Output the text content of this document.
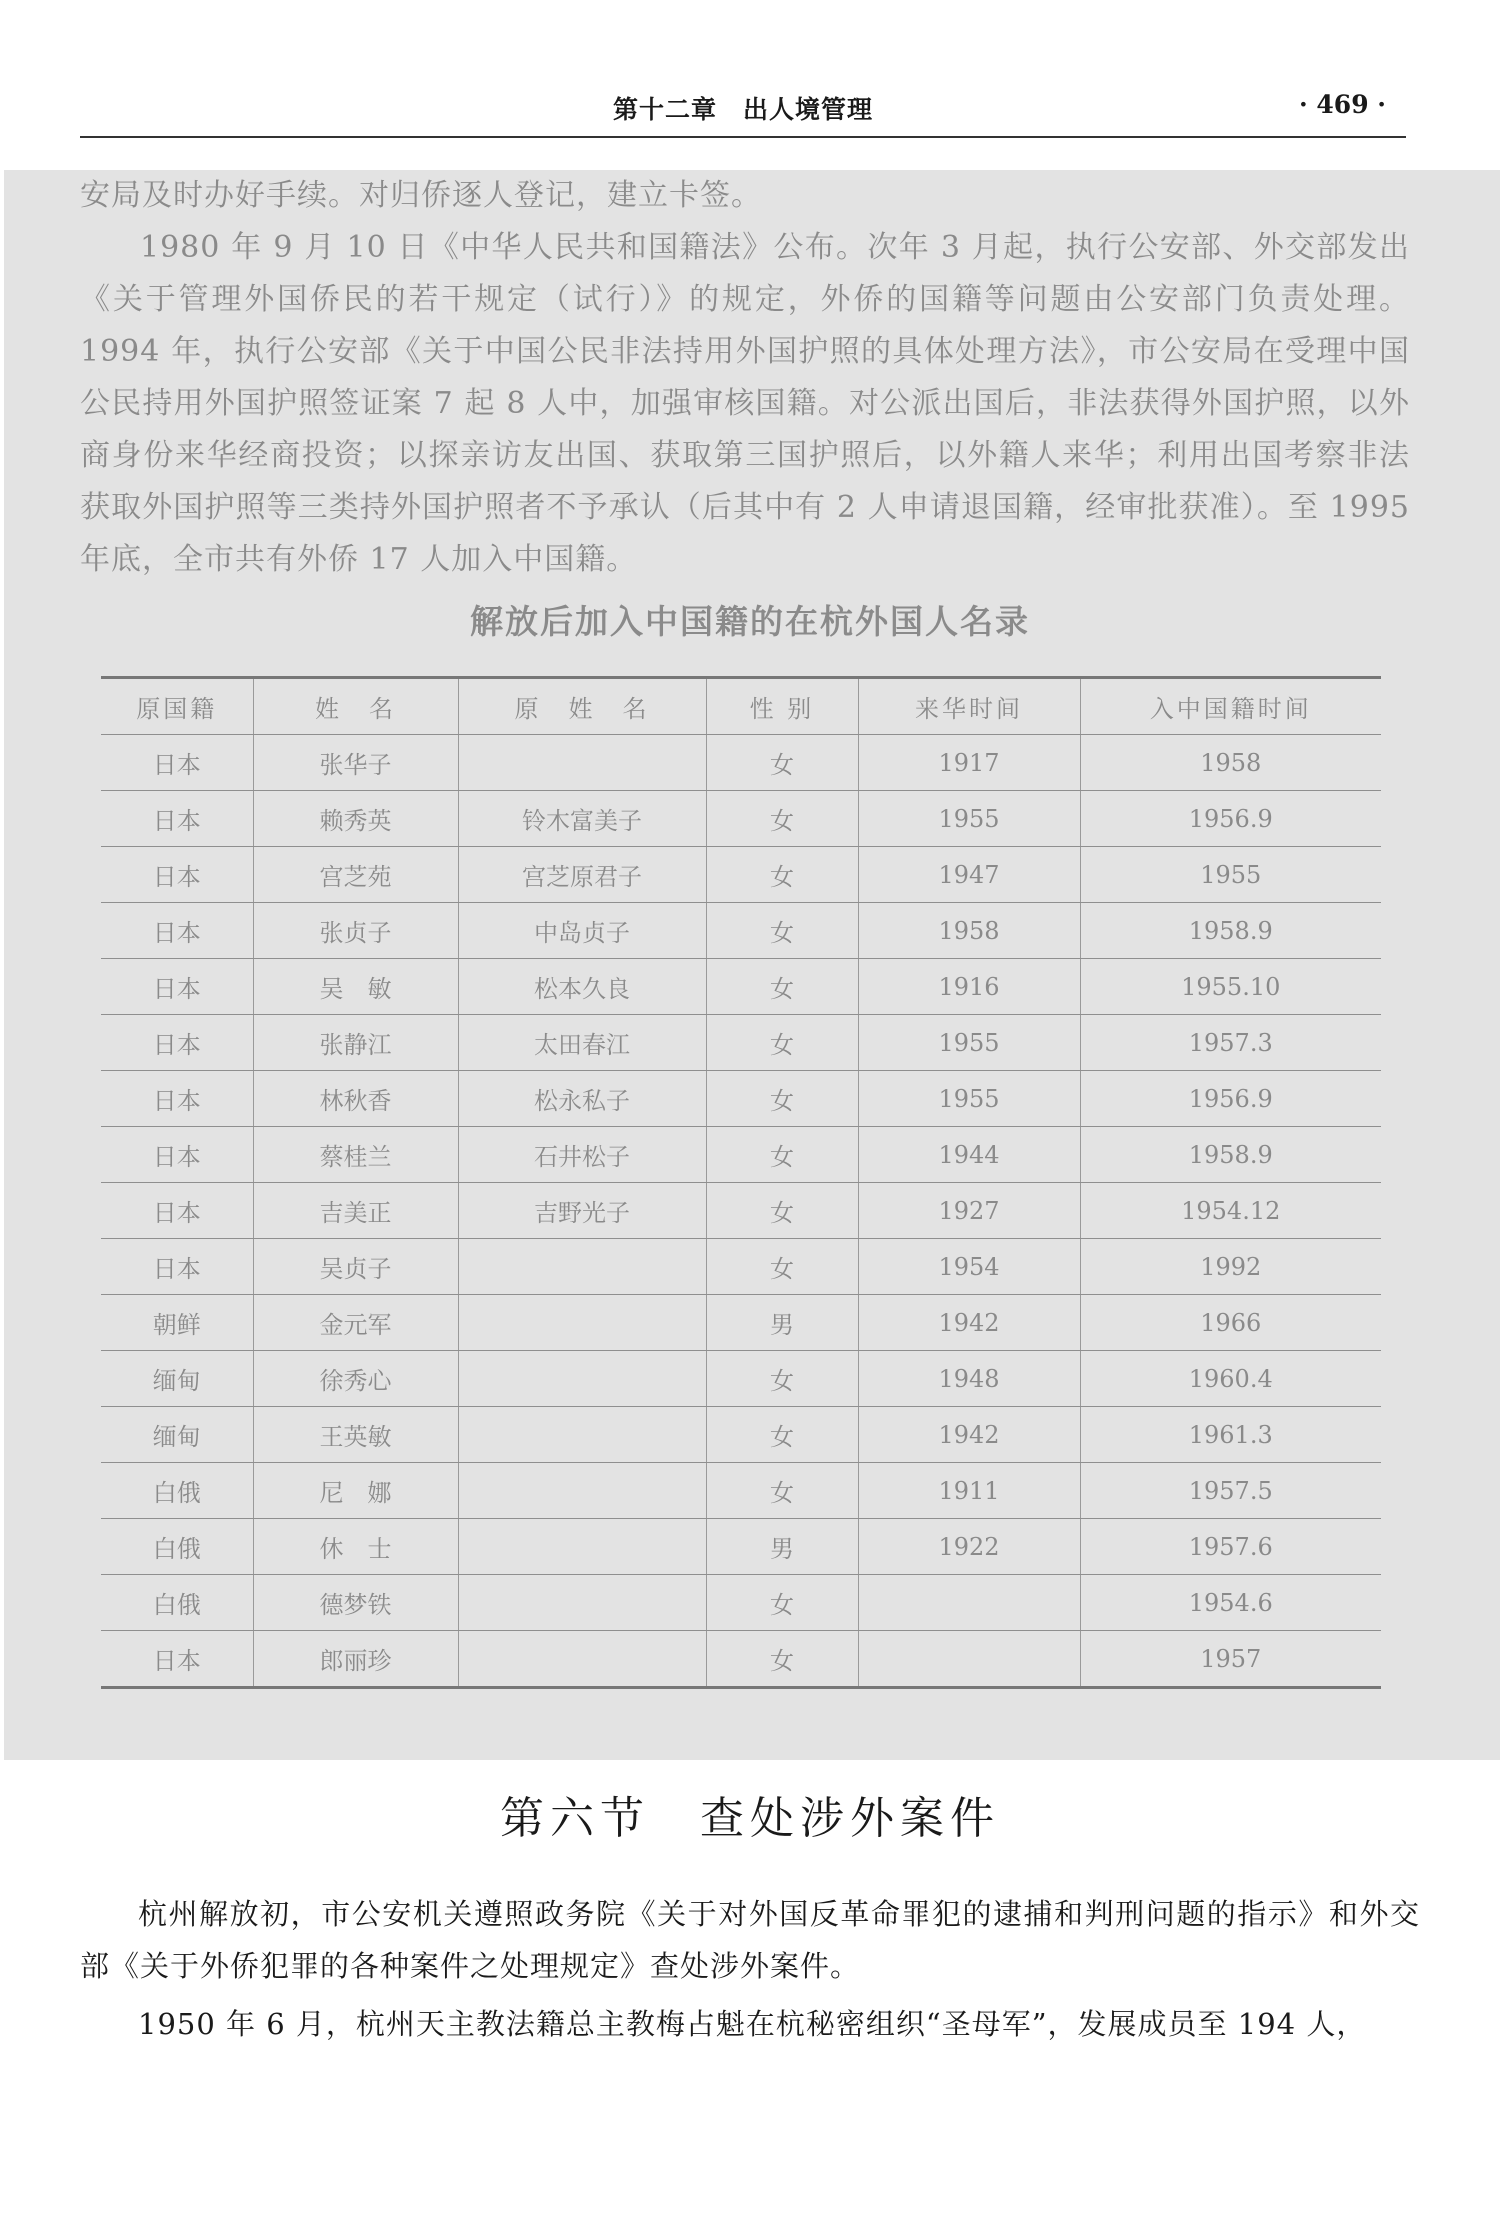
第十二章　出人境管理	· 469 ·

安局及时办好手续。对归侨逐人登记，建立卡签。

1980 年 9 月 10 日《中华人民共和国籍法》公布。次年 3 月起，执行公安部、外交部发出《关于管理外国侨民的若干规定（试行）》的规定，外侨的国籍等问题由公安部门负责处理。1994 年，执行公安部《关于中国公民非法持用外国护照的具体处理方法》，市公安局在受理中国公民持用外国护照签证案 7 起 8 人中，加强审核国籍。对公派出国后，非法获得外国护照，以外商身份来华经商投资；以探亲访友出国、获取第三国护照后，以外籍人来华；利用出国考察非法获取外国护照等三类持外国护照者不予承认（后其中有 2 人申请退国籍，经审批获准）。至 1995 年底，全市共有外侨 17 人加入中国籍。

解放后加入中国籍的在杭外国人名录
原国籍	姓　名	原　姓　名	性 别	来华时间	入中国籍时间
日本	张华子		女	1917	1958
日本	赖秀英	铃木富美子	女	1955	1956.9
日本	宫芝苑	宫芝原君子	女	1947	1955
日本	张贞子	中岛贞子	女	1958	1958.9
日本	吴　敏	松本久良	女	1916	1955.10
日本	张静江	太田春江	女	1955	1957.3
日本	林秋香	松永私子	女	1955	1956.9
日本	蔡桂兰	石井松子	女	1944	1958.9
日本	吉美正	吉野光子	女	1927	1954.12
日本	吴贞子		女	1954	1992
朝鲜	金元军		男	1942	1966
缅甸	徐秀心		女	1948	1960.4
缅甸	王英敏		女	1942	1961.3
白俄	尼　娜		女	1911	1957.5
白俄	休　士		男	1922	1957.6
白俄	德梦铁		女		1954.6
日本	郎丽珍		女		1957
第六节　查处涉外案件

杭州解放初，市公安机关遵照政务院《关于对外国反革命罪犯的逮捕和判刑问题的指示》和外交部《关于外侨犯罪的各种案件之处理规定》查处涉外案件。

1950 年 6 月，杭州天主教法籍总主教梅占魁在杭秘密组织“圣母军”，发展成员至 194 人，
